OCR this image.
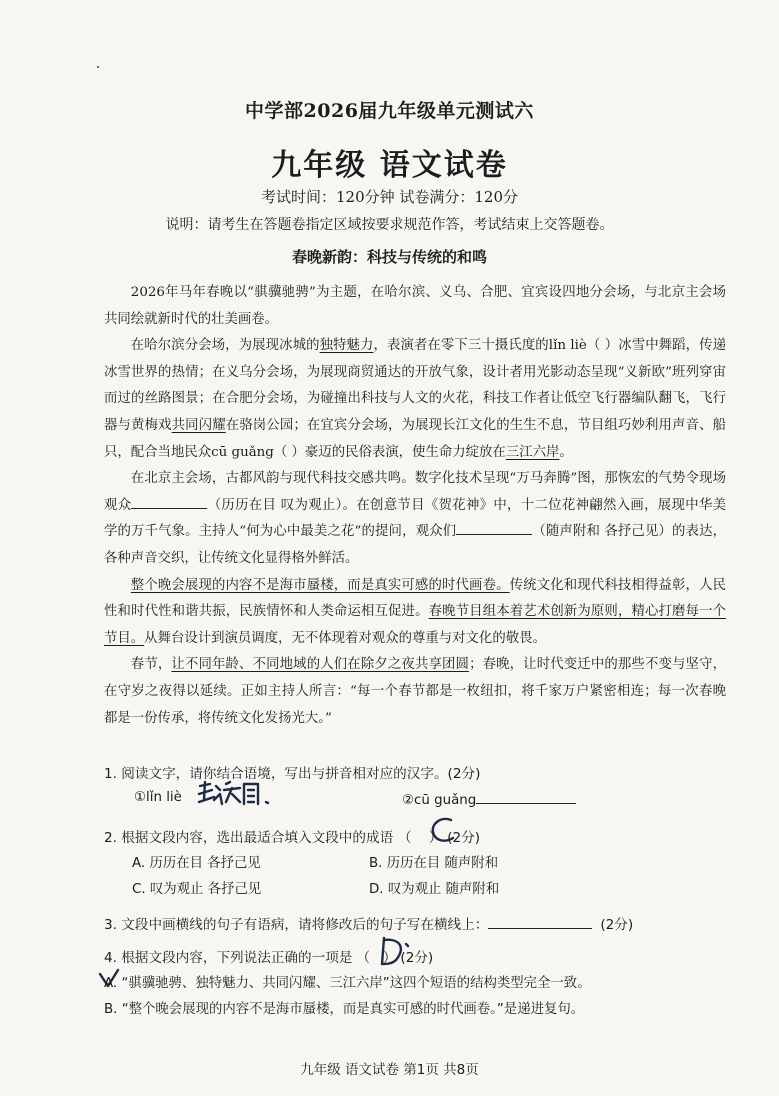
中学部2026届九年级单元测试六
九年级 语文试卷
考试时间：120分钟 试卷满分：120分
说明：请考生在答题卷指定区域按要求规范作答，考试结束上交答题卷。
春晚新韵：科技与传统的和鸣

2026年马年春晚以“骐骥驰骋”为主题，在哈尔滨、义乌、合肥、宜宾设四地分会场，与北京主会场共同绘就新时代的壮美画卷。

在哈尔滨分会场，为展现冰城的独特魅力，表演者在零下三十摄氏度的lǐn liè（ ）冰雪中舞蹈，传递冰雪世界的热情；在义乌分会场，为展现商贸通达的开放气象，设计者用光影动态呈现“义新欧”班列穿宙而过的丝路图景；在合肥分会场，为碰撞出科技与人文的火花，科技工作者让低空飞行器编队翻飞，飞行器与黄梅戏共同闪耀在骆岗公园；在宜宾分会场，为展现长江文化的生生不息，节目组巧妙利用声音、船只，配合当地民众cū guǎng（ ）豪迈的民俗表演，使生命力绽放在三江六岸。

在北京主会场，古都风韵与现代科技交感共鸣。数字化技术呈现“万马奔腾”图，那恢宏的气势令现场观众	（历历在目 叹为观止）。在创意节目《贺花神》中，十二位花神翩然入画，展现中华美学的万千气象。主持人“何为心中最美之花”的提问，观众们	（随声附和 各抒己见）的表达，各种声音交织，让传统文化显得格外鲜活。

整个晚会展现的内容不是海市蜃楼，而是真实可感的时代画卷。传统文化和现代科技相得益彰，人民性和时代性和谐共振，民族情怀和人类命运相互促进。春晚节目组本着艺术创新为原则，精心打磨每一个节目。从舞台设计到演员调度，无不体现着对观众的尊重与对文化的敬畏。

春节，让不同年龄、不同地域的人们在除夕之夜共享团圆；春晚，让时代变迁中的那些不变与坚守，在守岁之夜得以延续。正如主持人所言：“每一个春节都是一枚纽扣，将千家万户紧密相连；每一次春晚都是一份传承，将传统文化发扬光大。”

1. 阅读文字，请你结合语境，写出与拼音相对应的汉字。(2分)
①lǐn liè	②cū guǎng
2. 根据文段内容，选出最适合填入文段中的成语 （    ） (2分)
A. 历历在目 各抒己见	B. 历历在目 随声附和
C. 叹为观止 各抒己见	D. 叹为观止 随声附和
3. 文段中画横线的句子有语病，请将修改后的句子写在横线上：	(2分)
4. 根据文段内容，下列说法正确的一项是 （   ） (2分)
A. “骐骥驰骋、独特魅力、共同闪耀、三江六岸”这四个短语的结构类型完全一致。
B. “整个晚会展现的内容不是海市蜃楼，而是真实可感的时代画卷。”是递进复句。
九年级 语文试卷 第1页 共8页
